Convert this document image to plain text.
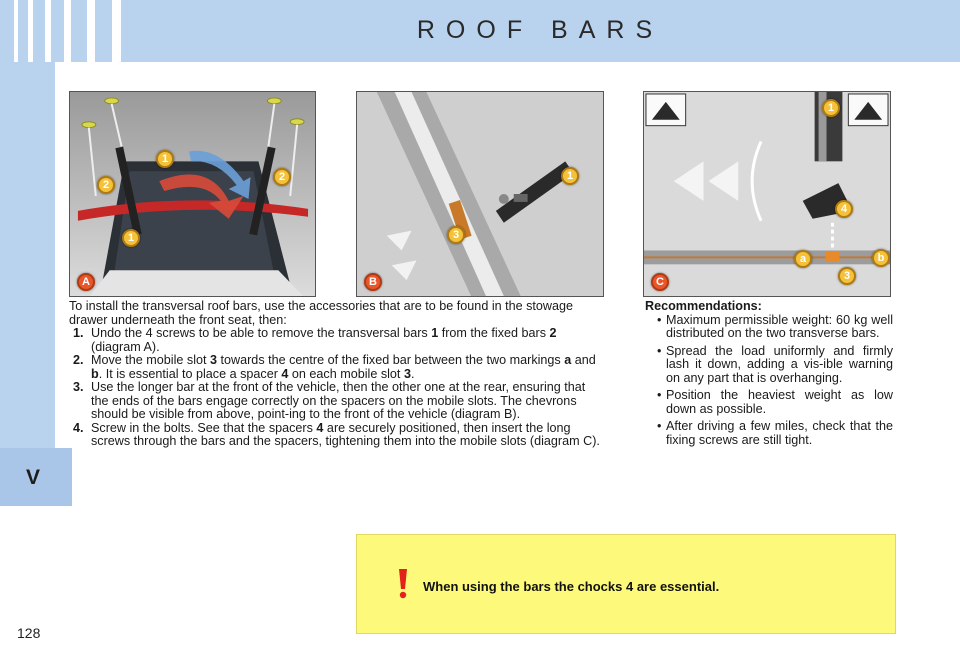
ROOF BARS
V
1
2
2
1
A
1
3
B
1
4
a	b
3
C

To install the transversal roof bars, use the accessories that are to be found in the stowage drawer underneath the front seat, then:

1. Undo the 4 screws to be able to remove the transversal bars 1 from the fixed bars 2 (diagram A).
2. Move the mobile slot 3 towards the centre of the fixed bar between the two markings a and b. It is essential to place a spacer 4 on each mobile slot 3.
3. Use the longer bar at the front of the vehicle, then the other one at the rear, ensuring that the ends of the bars engage correctly on the spacers on the mobile slots. The chevrons should be visible from above, point-ing to the front of the vehicle (diagram B).
4. Screw in the bolts. See that the spacers 4 are securely positioned, then insert the long screws through the bars and the spacers, tightening them into the mobile slots (diagram C).
Recommendations:
• Maximum permissible weight: 60 kg well distributed on the two transverse bars.
• Spread the load uniformly and firmly lash it down, adding a vis-ible warning on any part that is overhanging.
• Position the heaviest weight as low down as possible.
• After driving a few miles, check that the fixing screws are still tight.
When using the bars the chocks 4 are essential.
128
